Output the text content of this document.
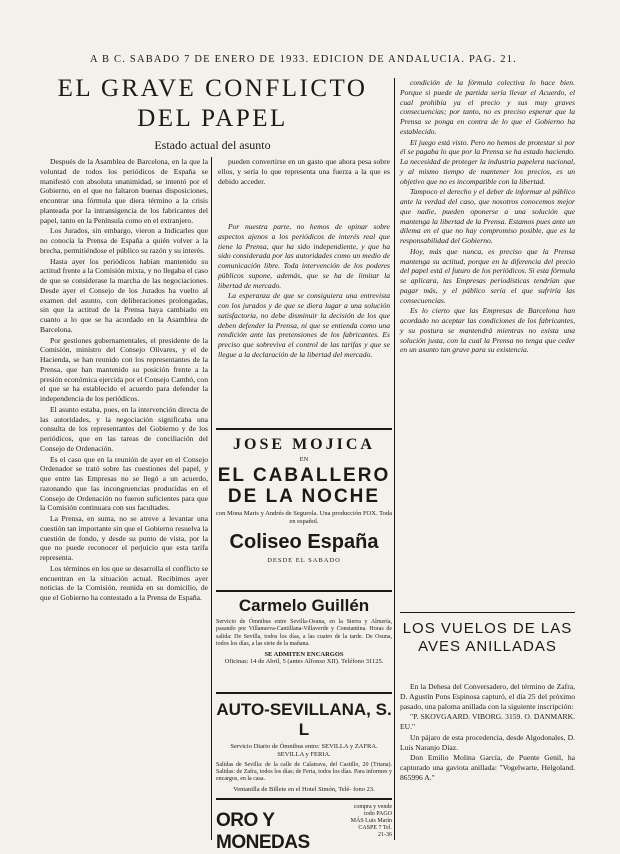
A B C. SABADO 7 DE ENERO DE 1933. EDICION DE ANDALUCIA. PAG. 21.
EL GRAVE CONFLICTO
DEL PAPEL
Estado actual del asunto

Después de la Asamblea de Barcelona, en la que la voluntad de todos los periódicos de España se manifestó con absoluta unanimidad, se intentó por el Gobierno, en el que no faltaron buenas disposiciones, encontrar una fórmula que diera término a la crisis planteada por la intransigencia de los fabricantes del papel, tanto en la Península como en el extranjero.

Los Jurados, sin embargo, vieron a Indicarles que no conocía la Prensa de España a quién volver a la brecha, permitiéndose el público su razón y su interés.

Hasta ayer los periódicos habían mantenido su actitud frente a la Comisión mixta, y no llegaba el caso de que se considerase la marcha de las negociaciones. Desde ayer el Consejo de los Jurados ha vuelto al examen del asunto, con deliberaciones prolongadas, sin que la actitud de la Prensa haya cambiado en cuanto a lo que se ha acordado en la Asamblea de Barcelona.

Por gestiones gubernamentales, el presidente de la Comisión, ministro del Consejo Olivares, y el de Hacienda, se han reunido con los representantes de la Prensa, que han mantenido su posición frente a la presión económica ejercida por el Consejo Cambó, con el que se ha establecido el acuerdo para defender la independencia de los periódicos.

El asunto estaba, pues, en la intervención directa de las autoridades, y la negociación significaba una consulta de los representantes del Gobierno y de los periódicos, que en las tareas de conciliación del Consejo de Ordenación.

Es el caso que en la reunión de ayer en el Consejo Ordenador se trató sobre las cuestiones del papel, y que entre las Empresas no se llegó a un acuerdo, razonando que las incongruencias producidas en el Consejo de Ordenación no fueron suficientes para que la Comisión continuara con sus facultades.

La Prensa, en suma, no se atreve a levantar una cuestión tan importante sin que el Gobierno resuelva la cuestión de fondo, y desde su punto de vista, por la que no puede reconocer el perjuicio que esta tarifa representa.

Los términos en los que se desarrolla el conflicto se encuentran en la situación actual. Recibimos ayer noticias de la Comisión, reunida en su domicilio, de que el Gobierno ha contestado a la Prensa de España.

pueden convertirse en un gasto que ahora pesa sobre ellos, y sería lo que representa una fuerza a la que es debido acceder.

Por nuestra parte, no hemos de opinar sobre aspectos ajenos a los periódicos de interés real que tiene la Prensa, que ha sido independiente, y que ha sido considerada por las autoridades como un medio de comunicación libre. Toda intervención de los poderes públicos supone, además, que se ha de limitar la libertad de mercado.

La esperanza de que se consiguiera una entrevista con los jurados y de que se diera lugar a una solución satisfactoria, no debe disminuir la decisión de los que deben defender la Prensa, ni que se entienda como una rendición ante las pretensiones de los fabricantes. Es preciso que sobreviva el control de las tarifas y que se llegue a la declaración de la libertad del mercado.

condición de la fórmula colectiva lo hace bien. Porque si puede de partida sería llevar el Acuerdo, el cual prohibía ya el precio y sus muy graves consecuencias; por tanto, no es preciso esperar que la Prensa se ponga en contra de lo que el Gobierno ha establecido.

El juego está visto. Pero no hemos de protestar si por él se pagaba lo que por la Prensa se ha estado haciendo. La necesidad de proteger la industria papelera nacional, y al mismo tiempo de mantener los precios, es un objetivo que no es incompatible con la libertad.

Tampoco el derecho y el deber de informar al público ante la verdad del caso, que nosotros conocemos mejor que nadie, pueden oponerse a una solución que mantenga la libertad de la Prensa. Estamos pues ante un dilema en el que no hay compromiso posible, que es la responsabilidad del Gobierno.

Hoy, más que nunca, es preciso que la Prensa mantenga su actitud, porque en la diferencia del precio del papel está el futuro de los periódicos. Si esta fórmula se aplicara, las Empresas periodísticas tendrían que pagar más, y el público sería el que sufriría las consecuencias.

Es lo cierto que las Empresas de Barcelona han acordado no aceptar las condiciones de los fabricantes, y su postura se mantendrá mientras no exista una solución justa, con la cual la Prensa no tenga que ceder en un asunto tan grave para su existencia.

JOSE MOJICA
EN
EL CABALLERO DE LA NOCHE
con Mona Maris y Andrés de Segurola. Una producción FOX. Toda en español.
Coliseo España
DESDE EL SABADO
Carmelo Guillén
Servicio de Ómnibus entre Sevilla-Osuna, en la Sierra y Almería, pasando por Villanueva-Cantillana-Villaverde y Constantina. Horas de salida: De Sevilla, todos los días, a las cuatro de la tarde. De Osuna, todos los días, a las siete de la mañana.
SE ADMITEN ENCARGOS
Oficinas: 14 de Abril, 5 (antes Alfonso XII). Teléfono 31125.
AUTO-SEVILLANA, S. L
Servicio Diario de Ómnibus entre: SEVILLA y ZAFRA. SEVILLA y FERIA.
Salidas de Sevilla: de la calle de Calatrava, del Castillo, 20 (Triana). Salidas: de Zafra, todos los días; de Feria, todos los días. Para informes y encargos, en la casa.
Ventanilla de Billete en el Hotel Simón, Telé- fono 23.
ORO Y MONEDAS
compra y vende todo PAGO MÁS Luis Marín CASPE 7 Tel. 21-36
LOS VUELOS DE LAS
AVES ANILLADAS

En la Dehesa del Conversadero, del término de Zafra, D. Agustín Pons Espinosa capturó, el día 25 del próximo pasado, una paloma anillada con la siguiente inscripción:

"P. SKOVGAARD. VIBORG. 3159. O. DANMARK. EU."

Un pájaro de esta procedencia, desde Algodonales, D. Luis Naranjo Díaz.

Don Emilio Molina García, de Puente Genil, ha capturado una gaviota anillada: "Vogelwarte, Helgoland. 865996 A."
